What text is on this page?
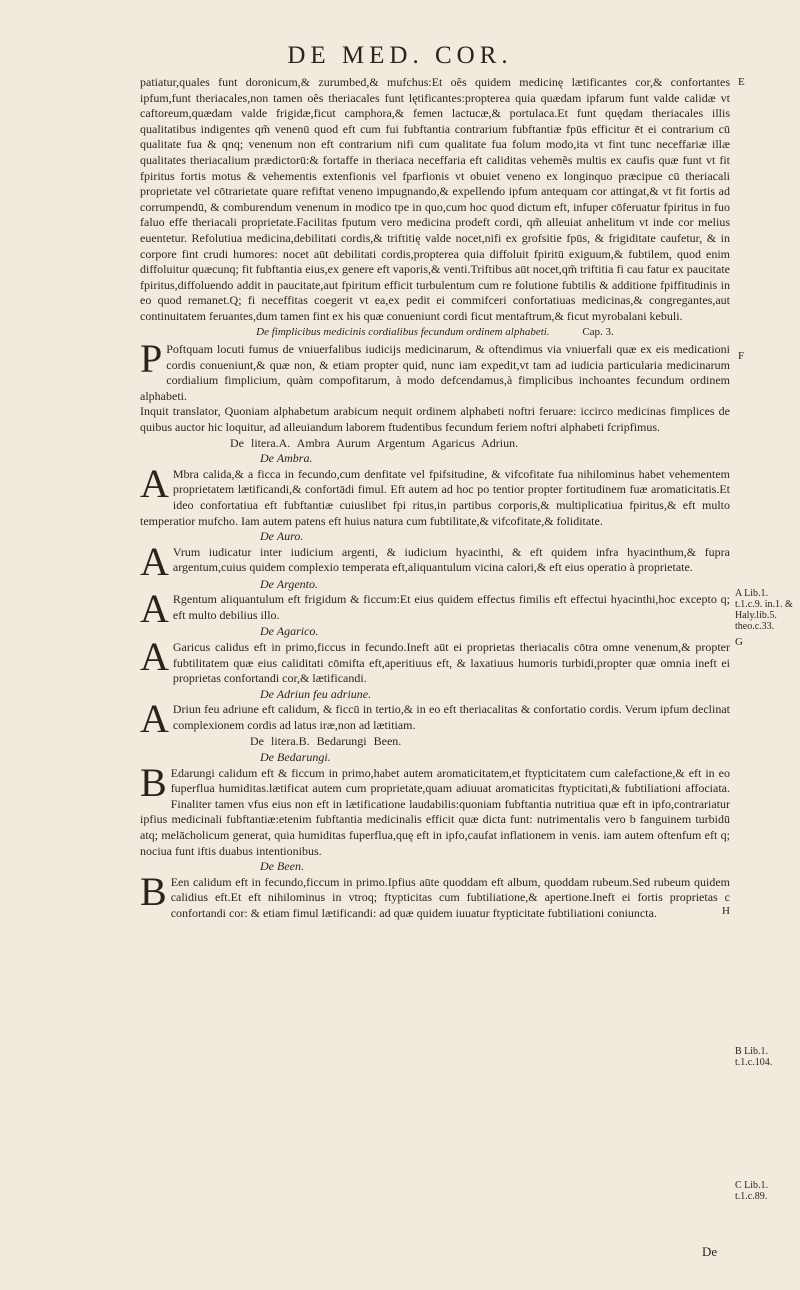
DE MED. COR.

patiatur,quales funt doronicum,& zurumbed,& mufchus:Et oês quidem medicinę lætificantes cor,& confortantes ipfum,funt theriacales,non tamen oês theriacales funt lętificantes:propterea quia quædam ipfarum funt valde calidæ vt caftoreum,quædam valde frigidæ,ficut camphora,& femen lactucæ,& portulaca.Et funt quędam theriacales illis qualitatibus indigentes qm̃ venenū quod eft cum fui fubftantia contrarium fubftantiæ fpūs efficitur ēt ei contrarium cū qualitate fua & qnq; venenum non eft contrarium nifi cum qualitate fua folum modo,ita vt fint tunc neceffariæ illæ qualitates theriacalium prædictorū:& fortaffe in theriaca neceffaria eft caliditas vehemẽs multis ex caufis quæ funt vt fit fpiritus fortis motus & vehementis extenfionis vel fparfionis vt obuiet veneno ex longinquo præcipue cū theriacali proprietate vel cōtrarietate quare refiftat veneno impugnando,& expellendo ipfum antequam cor attingat,& vt fit fortis ad corrumpendū, & comburendum venenum in modico tpe in quo,cum hoc quod dictum eft, infuper cōferuatur fpiritus in fuo faluo effe theriacali proprietate.Facilitas fputum vero medicina prodeft cordi, qm̃ alleuiat anhelitum vt inde cor melius euentetur. Refolutiua medicina,debilitati cordis,& triftitię valde nocet,nifi ex grofsitie fpūs, & frigiditate caufetur, & in corpore fint crudi humores: nocet aūt debilitati cordis,propterea quia diffoluit fpiritū exiguum,& fubtilem, quod enim diffoluitur quæcunq; fit fubftantia eius,ex genere eft vaporis,& venti.Triftibus aūt nocet,qm̃ triftitia fi cau fatur ex paucitate fpiritus,diffoluendo addit in paucitate,aut fpiritum efficit turbulentum cum re folutione fubtilis & additione fpiffitudinis in eo quod remanet.Q; fi neceffitas coegerit vt ea,ex pedit ei commifceri confortatiuas medicinas,& congregantes,aut continuitatem feruantes,dum tamen fint ex his quæ conueniunt cordi ficut mentaftrum,& ficut myrobalani kebuli.

De fimplicibus medicinis cordialibus fecundum ordinem alphabeti.	Cap. 3.

P Poftquam locuti fumus de vniuerfalibus iudicijs medicinarum, & oftendimus via vniuerfali quæ ex eis medicationi cordis conueniunt,& quæ non, & etiam propter quid, nunc iam expedit,vt tam ad iudicia particularia medicinarum cordialium fimplicium, quàm compofitarum, à modo defcendamus,à fimplicibus inchoantes fecundum ordinem alphabeti.

Inquit translator, Quoniam alphabetum arabicum nequit ordinem alphabeti noftri feruare: iccirco medicinas fimplices de quibus auctor hic loquitur, ad alleuiandum laborem ftudentibus fecundum feriem noftri alphabeti fcripfimus.

De litera.A. Ambra Aurum Argentum Agaricus Adriun.

De Ambra.

A Mbra calida,& a ficca in fecundo,cum denfitate vel fpifsitudine, & vifcofitate fua nihilominus habet vehementem proprietatem lætificandi,& confortādi fimul. Eft autem ad hoc po tentior propter fortitudinem fuæ aromaticitatis.Et ideo confortatiua eft fubftantiæ cuiuslibet fpi ritus,in partibus corporis,& multiplicatiua fpiritus,& eft multo temperatior mufcho. Iam autem patens eft huius natura cum fubtilitate,& vifcofitate,& foliditate.

De Auro.

A Vrum iudicatur inter iudicium argenti, & iudicium hyacinthi, & eft quidem infra hyacinthum,& fupra argentum,cuius quidem complexio temperata eft,aliquantulum vicina calori,& eft eius operatio à proprietate.

De Argento.

A Rgentum aliquantulum eft frigidum & ficcum:Et eius quidem effectus fimilis eft effectui hyacinthi,hoc excepto q; eft multo debilius illo.

De Agarico.

A Garicus calidus eft in primo,ficcus in fecundo.Ineft aūt ei proprietas theriacalis cōtra omne venenum,& propter fubtilitatem quæ eius caliditati cōmifta eft,aperitiuus eft, & laxatiuus humoris turbidi,propter quæ omnia ineft ei proprietas confortandi cor,& lætificandi.

De Adriun feu adriune.

A Driun feu adriune eft calidum, & ficcū in tertio,& in eo eft theriacalitas & confortatio cordis. Verum ipfum declinat complexionem cordis ad latus iræ,non ad lætitiam.

De litera.B. Bedarungi Been.

De Bedarungi.

B Edarungi calidum eft & ficcum in primo,habet autem aromaticitatem,et ftypticitatem cum calefactione,& eft in eo fuperflua humiditas.lætificat autem cum proprietate,quam adiuuat aromaticitas ftypticitati,& fubtiliationi affociata. Finaliter tamen vfus eius non eft in lætificatione laudabilis:quoniam fubftantia nutritiua quæ eft in ipfo,contrariatur ipfius medicinali fubftantiæ:etenim fubftantia medicinalis efficit quæ dicta funt: nutrimentalis vero b fanguinem turbidū atq; melācholicum generat, quia humiditas fuperflua,quę eft in ipfo,caufat inflationem in venis. iam autem oftenfum eft q; nociua funt iftis duabus intentionibus.

De Been.

B Een calidum eft in fecundo,ficcum in primo.Ipfius aūte quoddam eft album, quoddam rubeum.Sed rubeum quidem calidius eft.Et eft nihilominus in vtroq; ftypticitas cum fubtiliatione,& apertione.Ineft ei fortis proprietas c confortandi cor: & etiam fimul lætificandi: ad quæ quidem iuuatur ftypticitate fubtiliationi coniuncta.

E
F
G
H
A Lib.1. t.1.c.9. in.1. & Haly.lib.5. theo.c.33.
B Lib.1. t.1.c.104.
C Lib.1. t.1.c.89.
De
